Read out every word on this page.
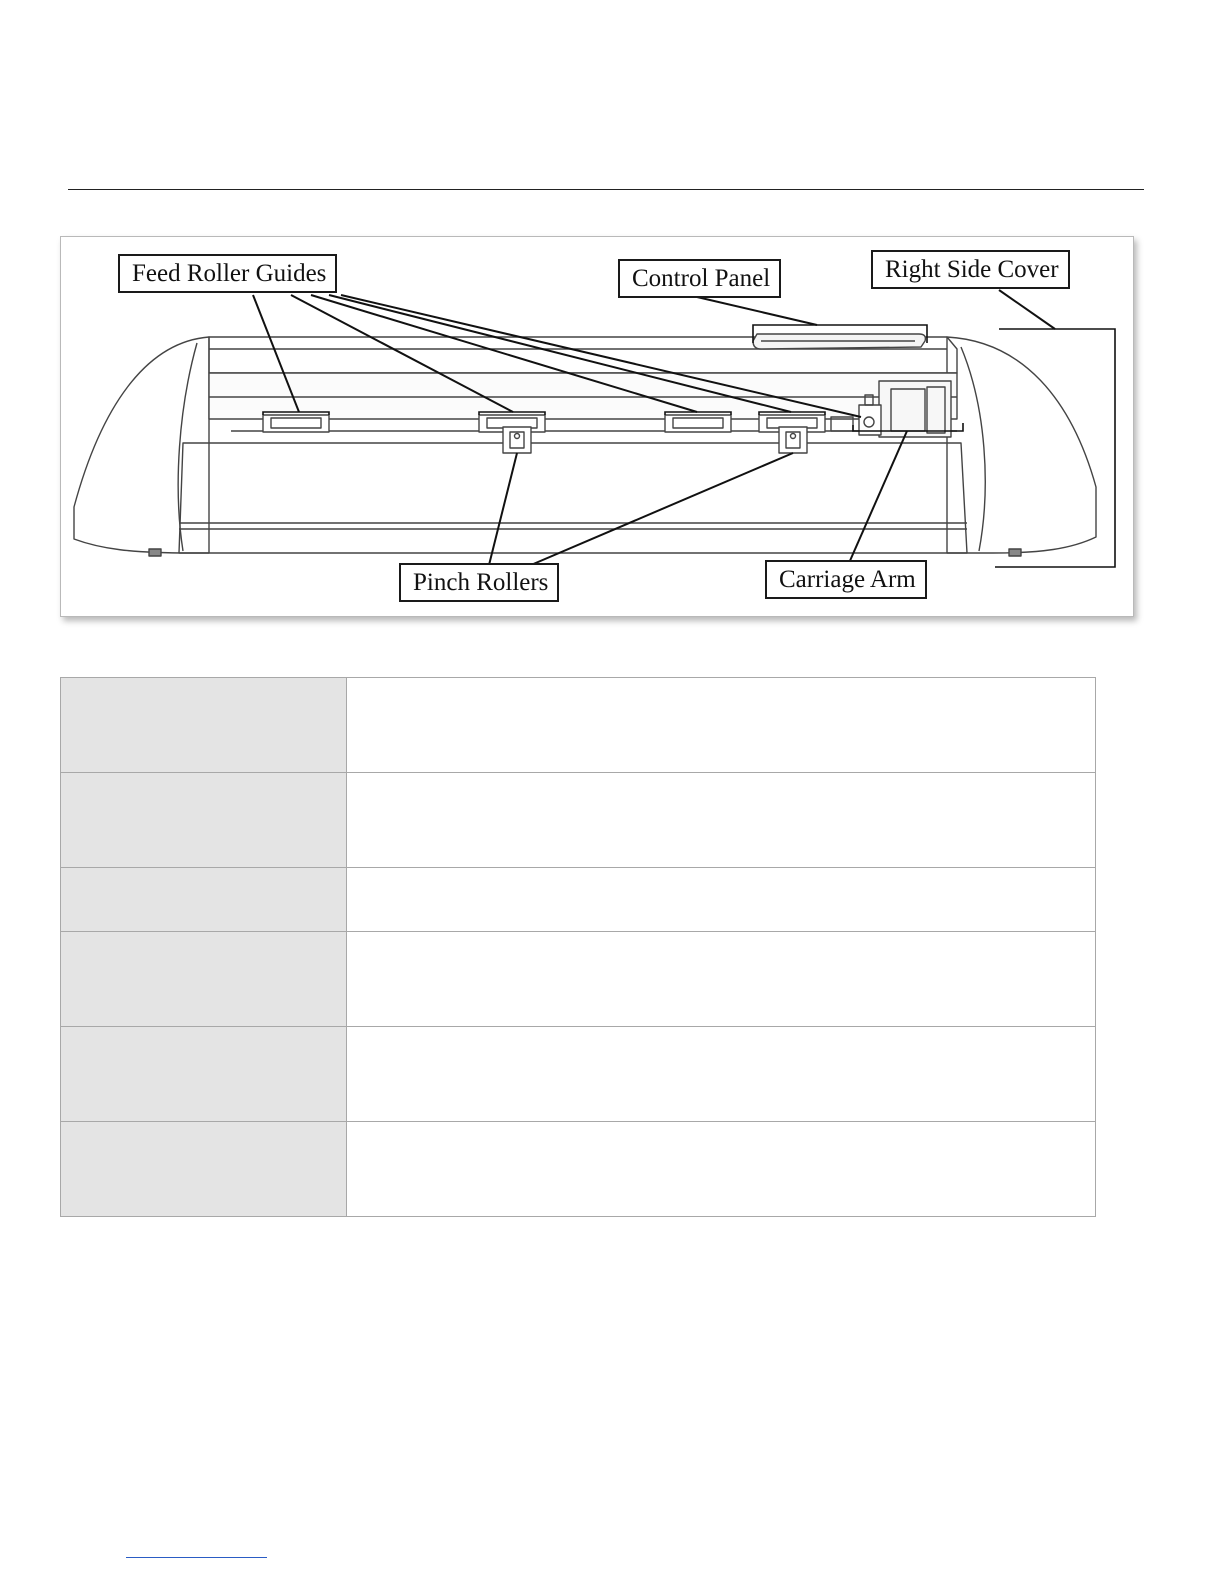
Feed Roller Guides	Control Panel	Right Side Cover
Pinch Rollers	Carriage Arm
